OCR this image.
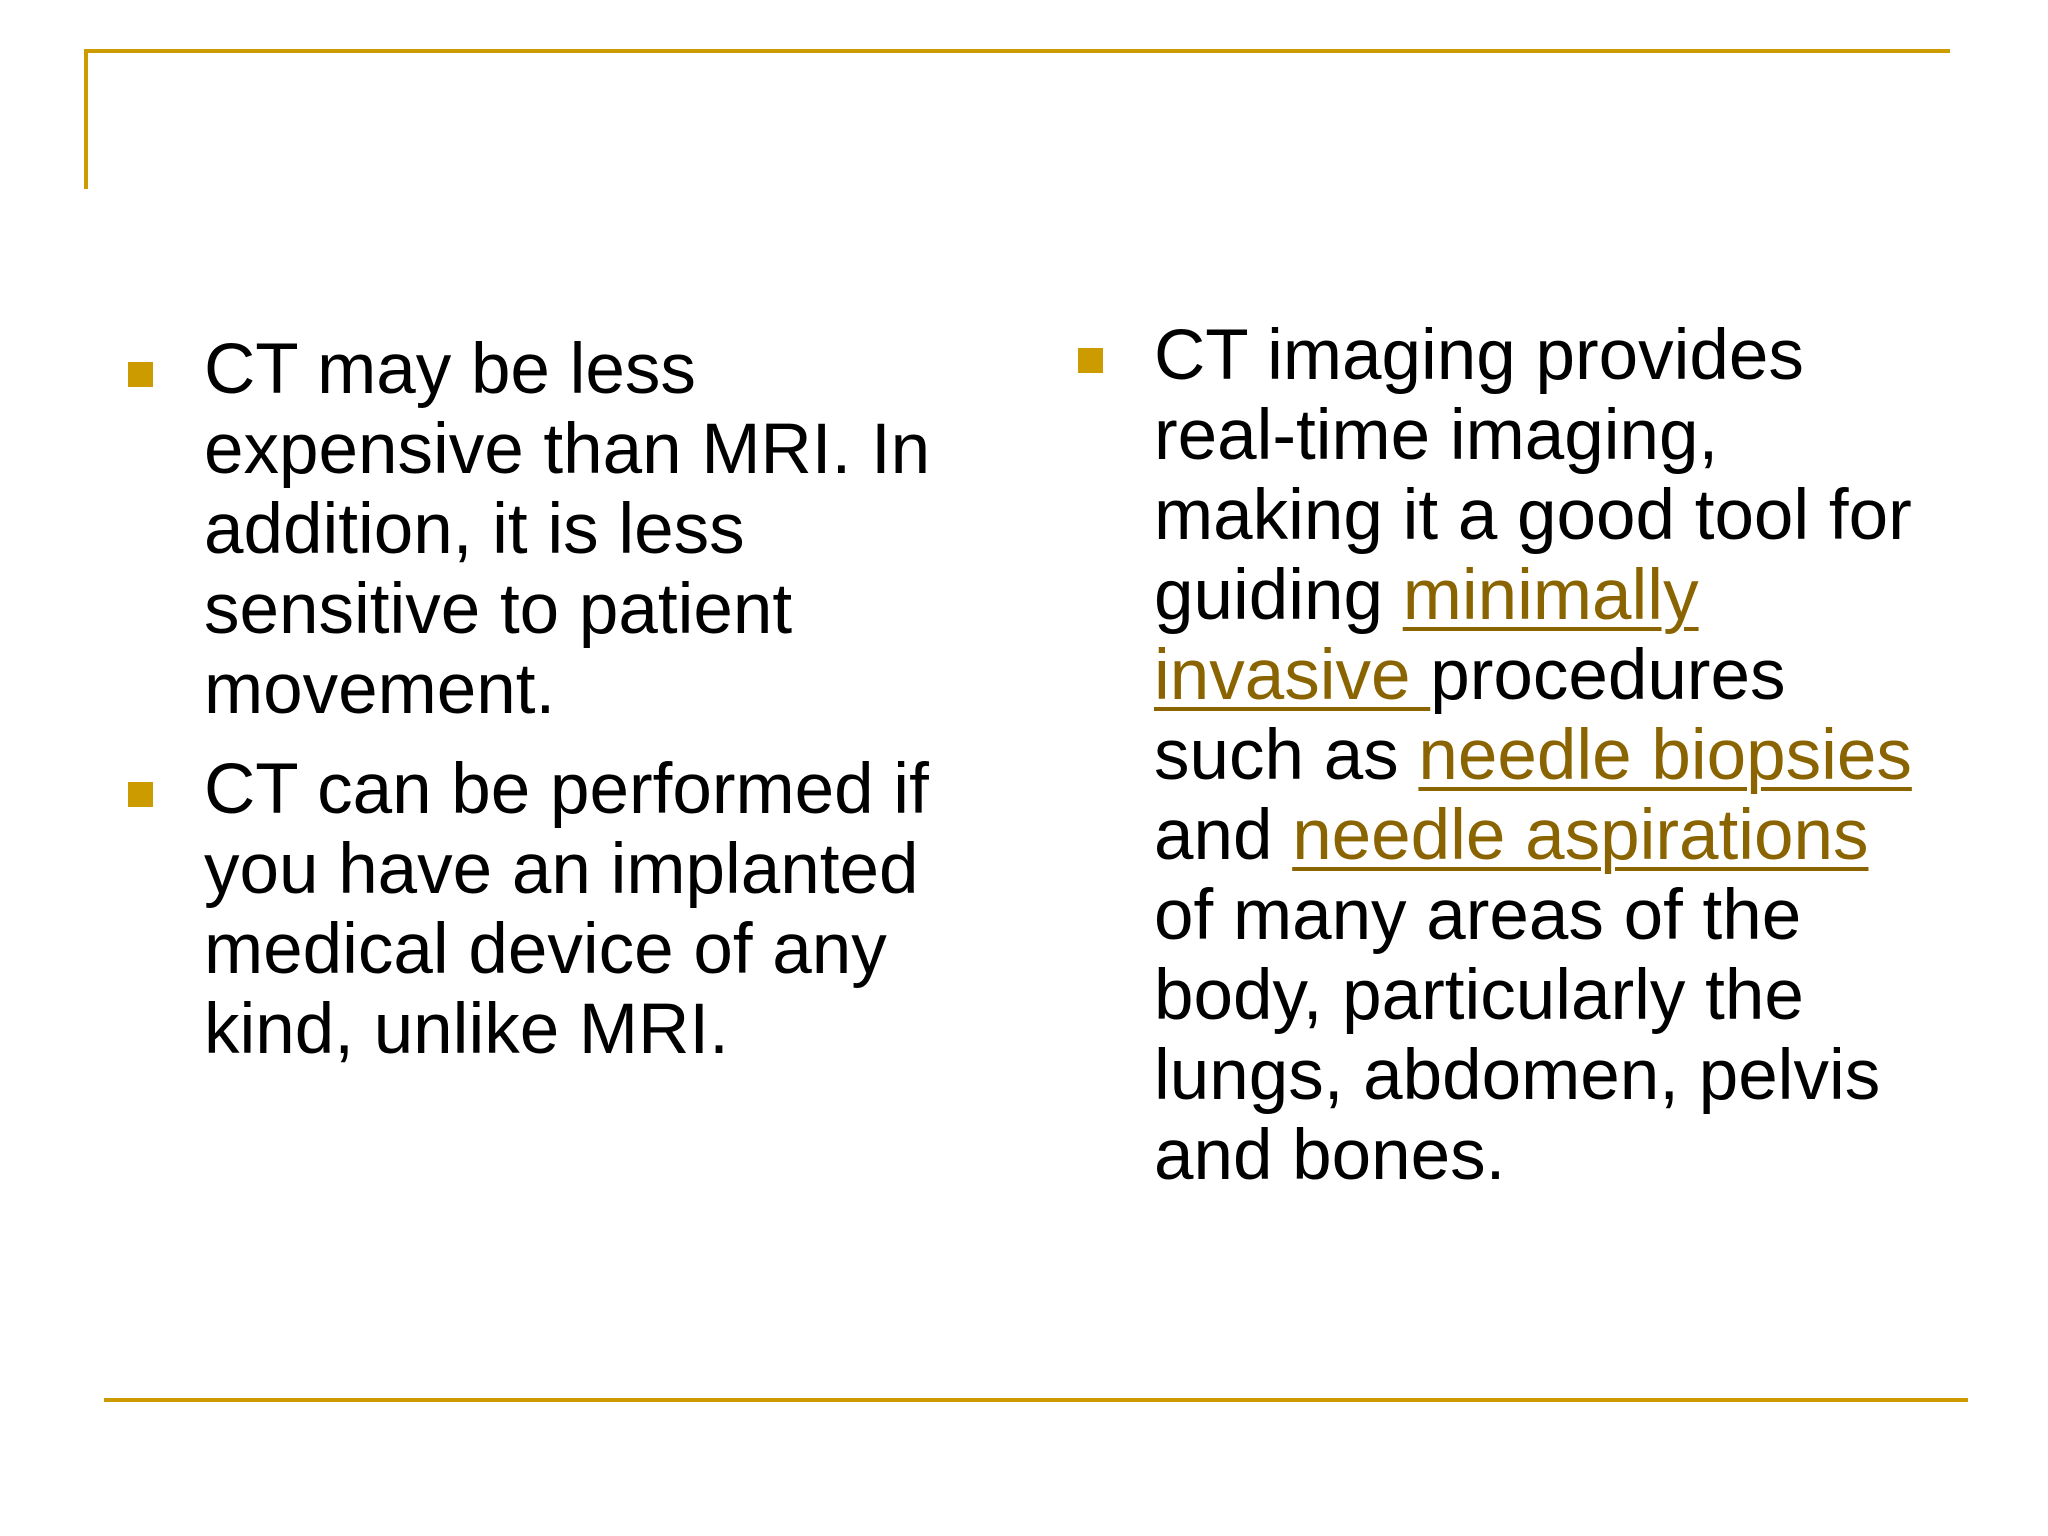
CT may be less expensive than MRI. In addition, it is less sensitive to patient movement.
CT can be performed if you have an implanted medical device of any kind, unlike MRI.
CT imaging provides real-time imaging, making it a good tool for guiding minimally invasive procedures such as needle biopsies and needle aspirations of many areas of the body, particularly the lungs, abdomen, pelvis and bones.
